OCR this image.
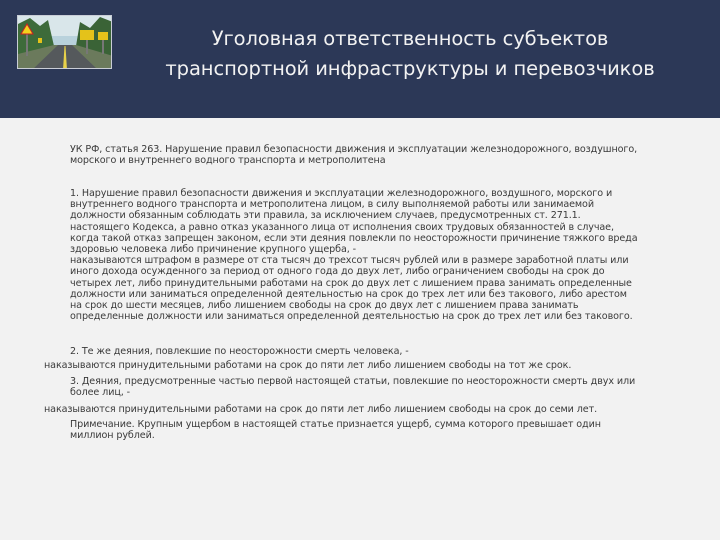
Уголовная ответственность субъектов
транспортной инфраструктуры и перевозчиков
УК РФ, статья 263. Нарушение правил безопасности движения и эксплуатации железнодорожного, воздушного,
морского и внутреннего водного транспорта и метрополитена
1. Нарушение правил безопасности движения и эксплуатации железнодорожного, воздушного, морского и
внутреннего водного транспорта и метрополитена лицом, в силу выполняемой работы или занимаемой
должности обязанным соблюдать эти правила, за исключением случаев, предусмотренных ст. 271.1.
настоящего Кодекса, а равно отказ указанного лица от исполнения своих трудовых обязанностей в случае,
когда такой отказ запрещен законом, если эти деяния повлекли по неосторожности причинение тяжкого вреда
здоровью человека либо причинение крупного ущерба, -
наказываются штрафом в размере от ста тысяч до трехсот тысяч рублей или в размере заработной платы или
иного дохода осужденного за период от одного года до двух лет, либо ограничением свободы на срок до
четырех лет, либо принудительными работами на срок до двух лет с лишением права занимать определенные
должности или заниматься определенной деятельностью на срок до трех лет или без такового, либо арестом
на срок до шести месяцев, либо лишением свободы на срок до двух лет с лишением права занимать
определенные должности или заниматься определенной деятельностью на срок до трех лет или без такового.
2. Те же деяния, повлекшие по неосторожности смерть человека, -
наказываются принудительными работами на срок до пяти лет либо лишением свободы на тот же срок.
3. Деяния, предусмотренные частью первой настоящей статьи, повлекшие по неосторожности смерть двух или
более лиц, -
наказываются принудительными работами на срок до пяти лет либо лишением свободы на срок до семи лет.
Примечание. Крупным ущербом в настоящей статье признается ущерб, сумма которого превышает один
миллион рублей.
